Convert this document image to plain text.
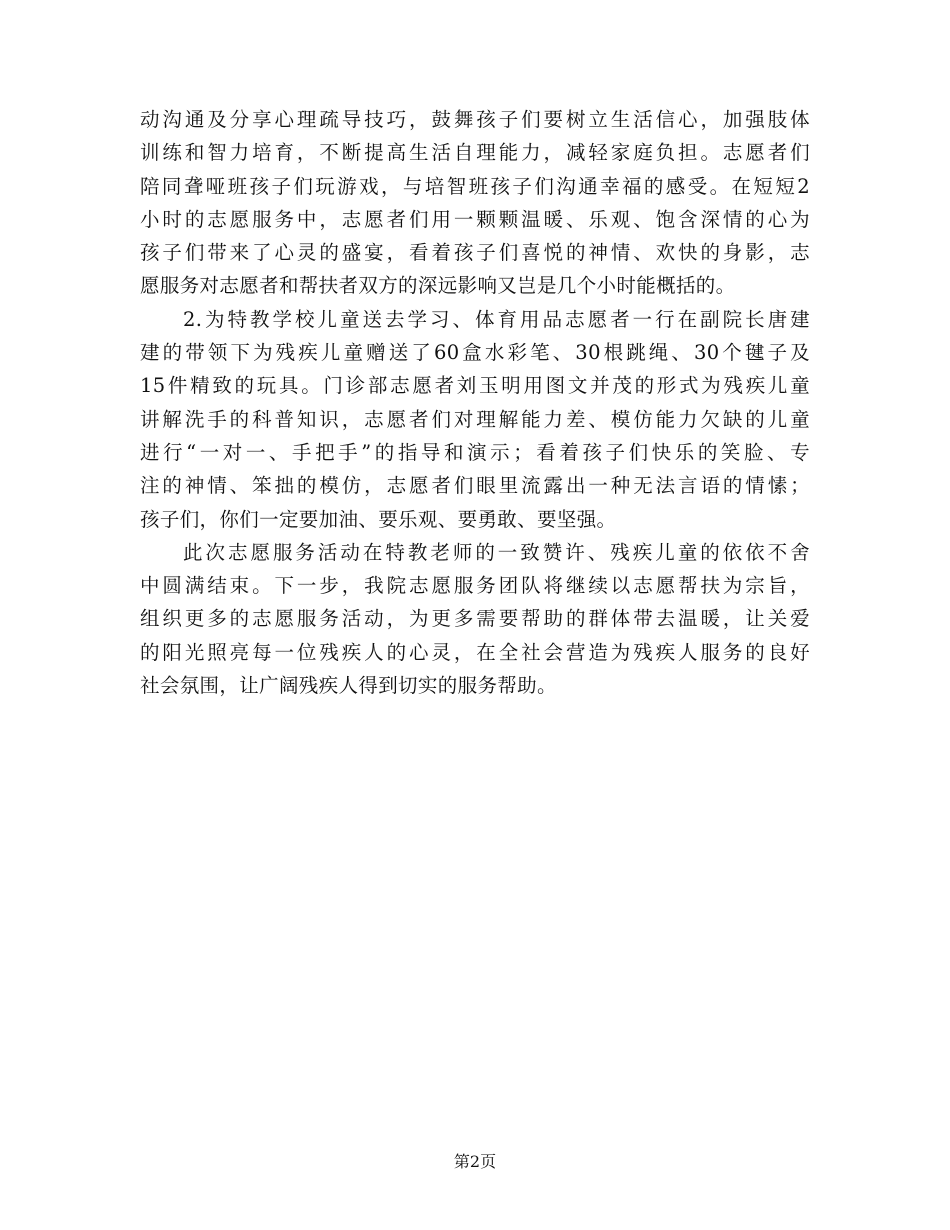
动沟通及分享心理疏导技巧，鼓舞孩子们要树立生活信心，加强肢体
训练和智力培育，不断提高生活自理能力，减轻家庭负担。志愿者们
陪同聋哑班孩子们玩游戏，与培智班孩子们沟通幸福的感受。在短短2
小时的志愿服务中，志愿者们用一颗颗温暖、乐观、饱含深情的心为
孩子们带来了心灵的盛宴，看着孩子们喜悦的神情、欢快的身影，志
愿服务对志愿者和帮扶者双方的深远影响又岂是几个小时能概括的。
2.为特教学校儿童送去学习、体育用品志愿者一行在副院长唐建
建的带领下为残疾儿童赠送了60盒水彩笔、30根跳绳、30个毽子及
15件精致的玩具。门诊部志愿者刘玉明用图文并茂的形式为残疾儿童
讲解洗手的科普知识，志愿者们对理解能力差、模仿能力欠缺的儿童
进行“一对一、手把手”的指导和演示；看着孩子们快乐的笑脸、专
注的神情、笨拙的模仿，志愿者们眼里流露出一种无法言语的情愫；
孩子们，你们一定要加油、要乐观、要勇敢、要坚强。
此次志愿服务活动在特教老师的一致赞许、残疾儿童的依依不舍
中圆满结束。下一步，我院志愿服务团队将继续以志愿帮扶为宗旨，
组织更多的志愿服务活动，为更多需要帮助的群体带去温暖，让关爱
的阳光照亮每一位残疾人的心灵，在全社会营造为残疾人服务的良好
社会氛围，让广阔残疾人得到切实的服务帮助。
第2页
